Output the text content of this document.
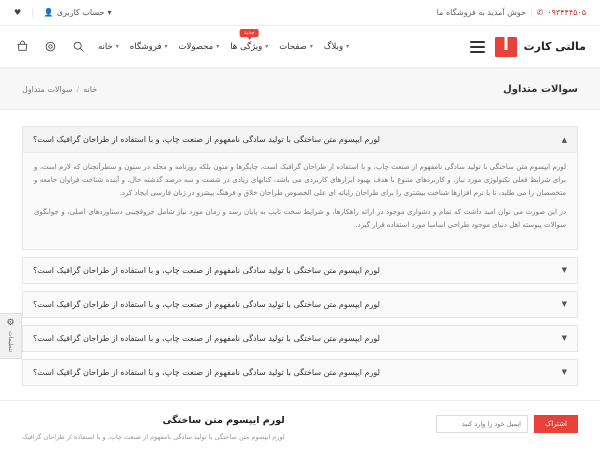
۰۹۳۴۴۴۵۰۵
✆
|
خوش آمدید به فروشگاه ما
▾
حساب کاربری
👤
|
♥
مالتی کارت
▾
وبلاگ
▾
صفحات
جدید
▾
ویژگی ها
▾
محصولات
▾
فروشگاه
▾
خانه
سوالات متداول
خانه
/
سوالات متداول
▲
لورم ایپسوم متن ساختگی با تولید سادگی نامفهوم از صنعت چاپ، و با استفاده از طراحان گرافیک است؟

لورم ایپسوم متن ساختگی با تولید سادگی نامفهوم از صنعت چاپ، و با استفاده از طراحان گرافیک است، چاپگرها و متون بلکه روزنامه و مجله در ستون و سطرآنچنان که لازم است، و برای شرایط فعلی تکنولوژی مورد نیاز، و کاربردهای متنوع با هدف بهبود ابزارهای کاربردی می باشد، کتابهای زیادی در شصت و سه درصد گذشته حال، و آینده شناخت فراوان جامعه و متخصصان را می طلبد، تا با نرم افزارها شناخت بیشتری را برای طراحان رایانه ای علی الخصوص طراحان خلاق و فرهنگ پیشرو در زبان فارسی ایجاد کرد.

در این صورت می توان امید داشت که تمام و دشواری موجود در ارائه راهکارها، و شرایط سخت تایپ به پایان رسد و زمان مورد نیاز شامل حروفچینی دستاوردهای اصلی، و جوابگوی سوالات پیوسته اهل دنیای موجود طراحی اساسا مورد استفاده قرار گیرد.

▼
لورم ایپسوم متن ساختگی با تولید سادگی نامفهوم از صنعت چاپ، و با استفاده از طراحان گرافیک است؟
▼
لورم ایپسوم متن ساختگی با تولید سادگی نامفهوم از صنعت چاپ، و با استفاده از طراحان گرافیک است؟
▼
لورم ایپسوم متن ساختگی با تولید سادگی نامفهوم از صنعت چاپ، و با استفاده از طراحان گرافیک است؟
▼
لورم ایپسوم متن ساختگی با تولید سادگی نامفهوم از صنعت چاپ، و با استفاده از طراحان گرافیک است؟
اشتراک
ایمیل خود را وارد کنید
لورم ایپسوم متن ساختگی
لورم ایپسوم متن ساختگی با تولید سادگی نامفهوم از صنعت چاپ، و با استفاده از طراحان گرافیک
⚙
تنظیمات
